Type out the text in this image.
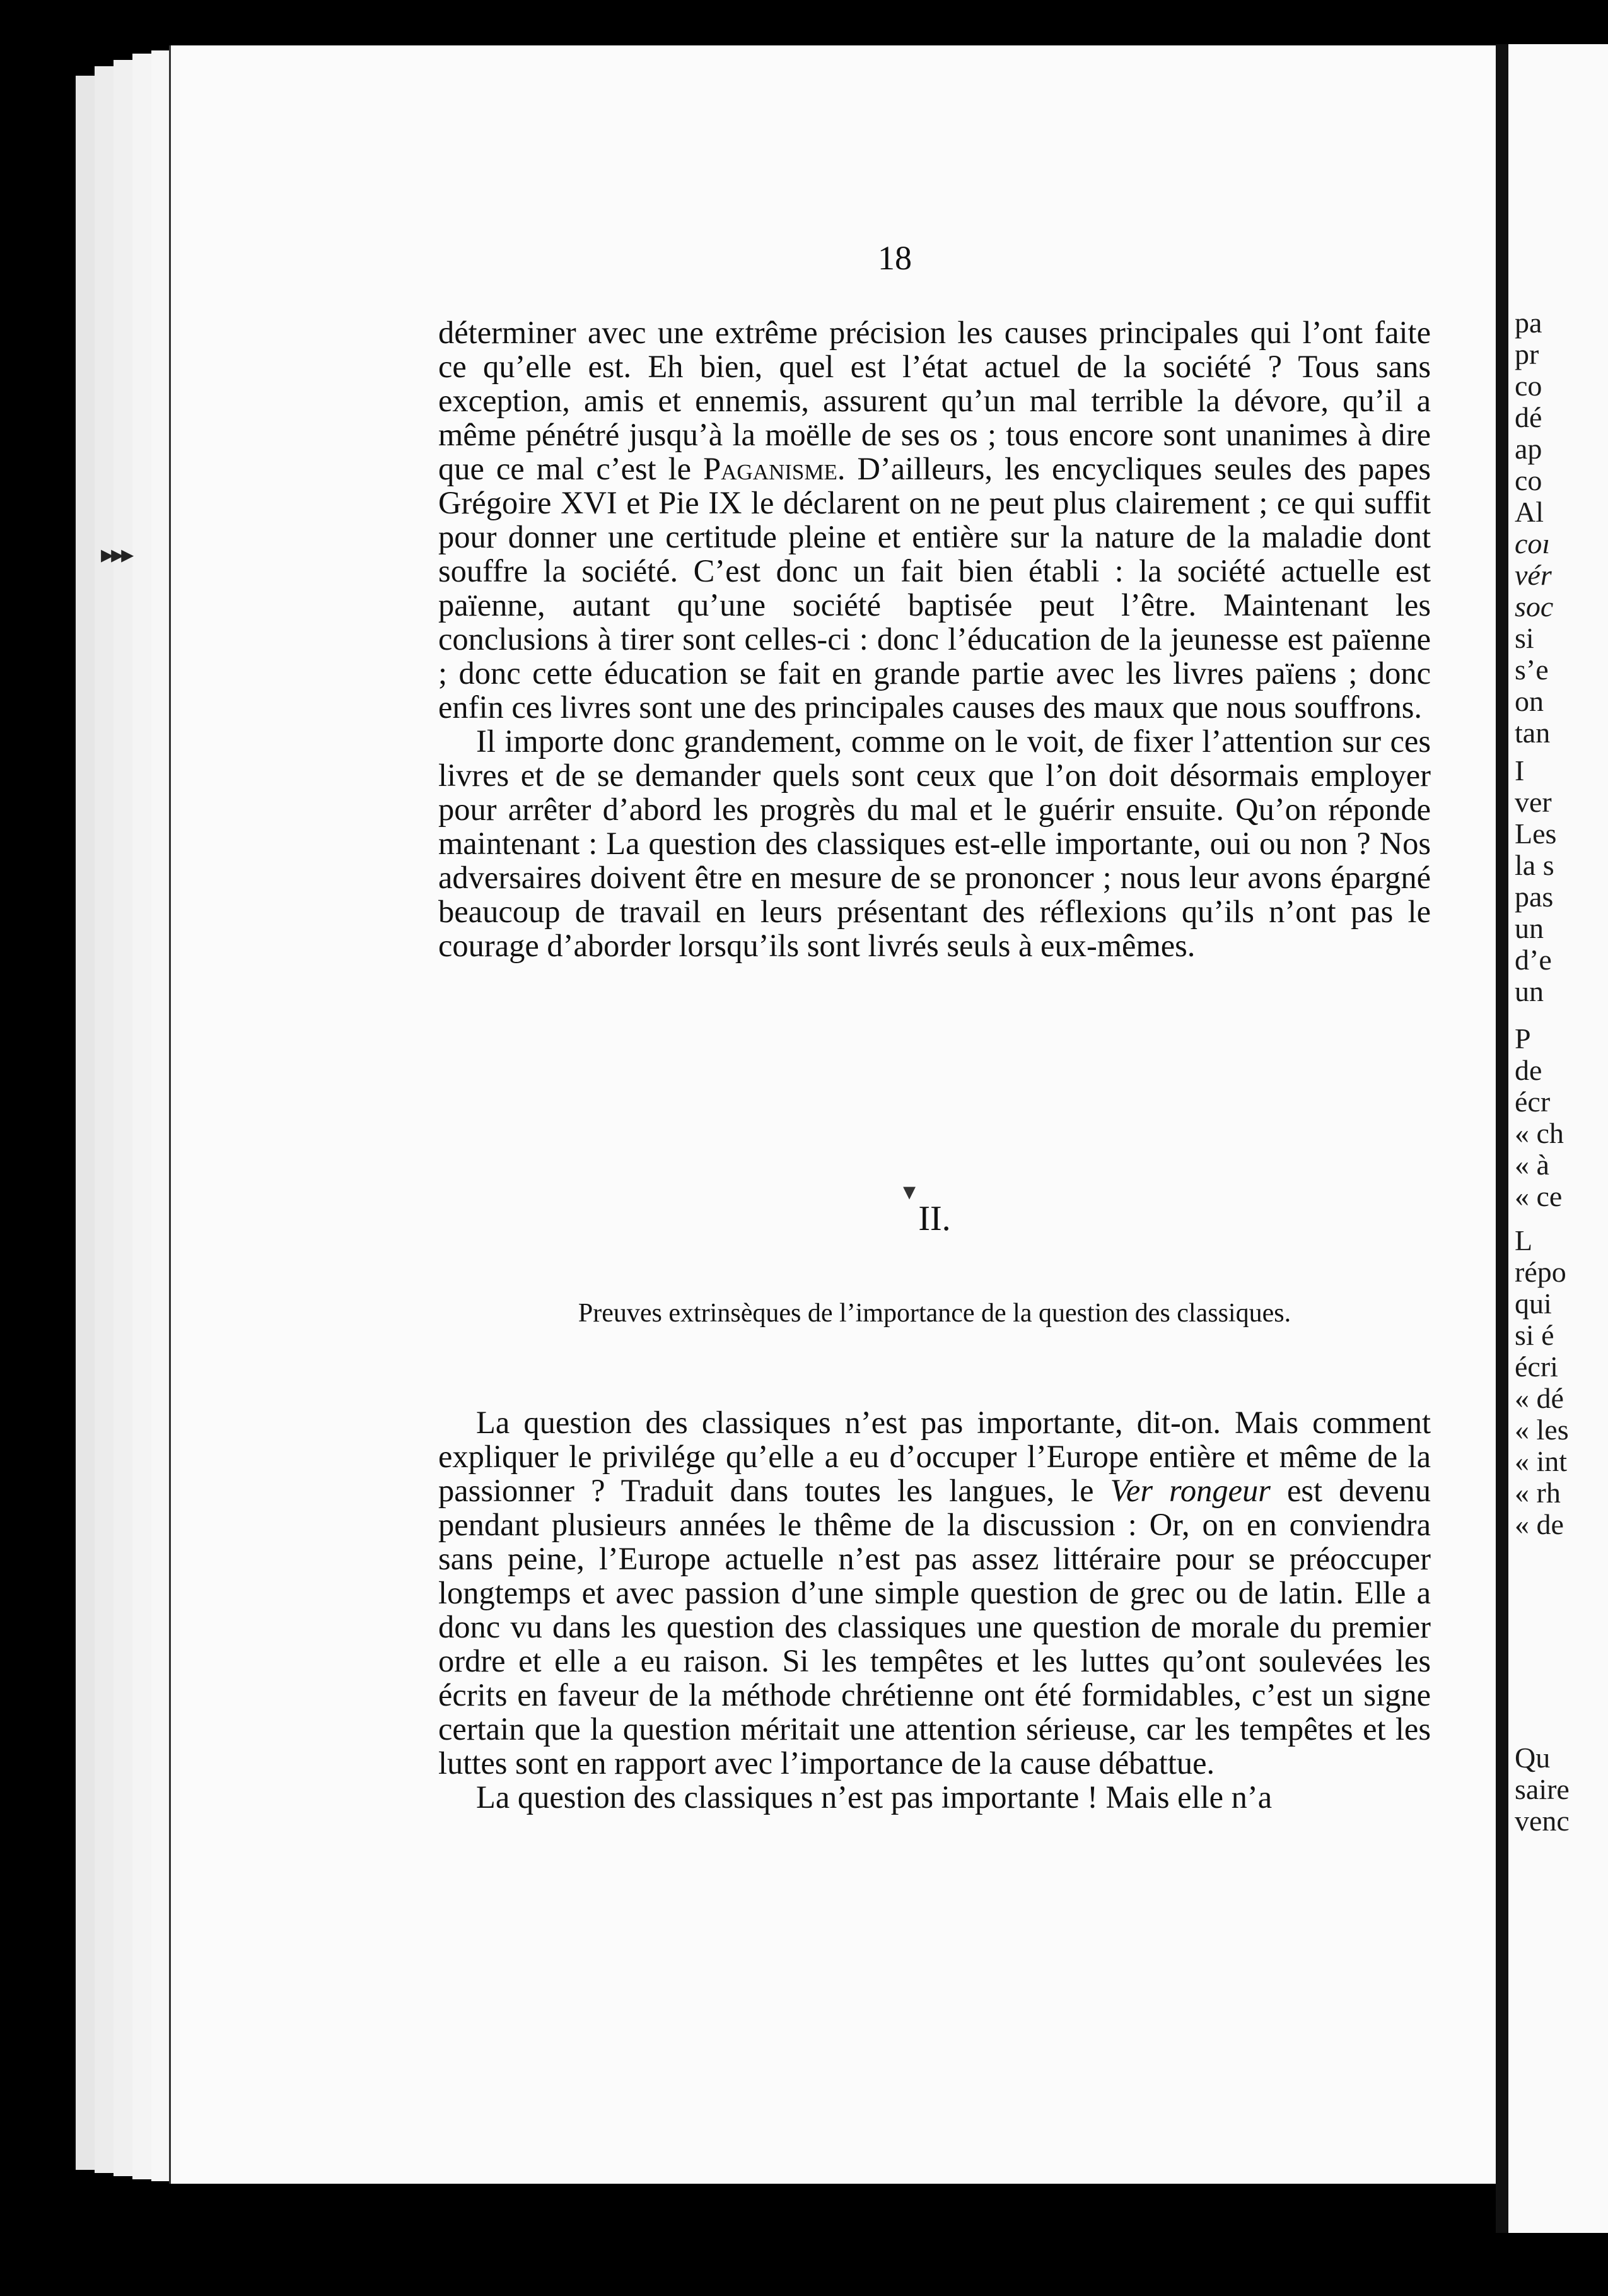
▸▸▸
18

déterminer avec une extrême précision les causes principales qui l’ont faite ce qu’elle est. Eh bien, quel est l’état actuel de la société ? Tous sans exception, amis et ennemis, assurent qu’un mal terrible la dévore, qu’il a même pénétré jusqu’à la moëlle de ses os ; tous encore sont unanimes à dire que ce mal c’est le Paganisme. D’ailleurs, les encycliques seules des papes Grégoire XVI et Pie IX le déclarent on ne peut plus clairement ; ce qui suffit pour donner une certitude pleine et entière sur la nature de la maladie dont souffre la société. C’est donc un fait bien établi : la société actuelle est païenne, autant qu’une société baptisée peut l’être. Maintenant les conclusions à tirer sont celles-ci : donc l’éducation de la jeunesse est païenne ; donc cette éducation se fait en grande partie avec les livres païens ; donc enfin ces livres sont une des principales causes des maux que nous souffrons.

Il importe donc grandement, comme on le voit, de fixer l’attention sur ces livres et de se demander quels sont ceux que l’on doit désormais employer pour arrêter d’abord les progrès du mal et le guérir ensuite. Qu’on réponde maintenant : La question des classiques est-elle importante, oui ou non ? Nos adversaires doivent être en mesure de se prononcer ; nous leur avons épargné beaucoup de travail en leurs présentant des réflexions qu’ils n’ont pas le courage d’aborder lorsqu’ils sont livrés seuls à eux-mêmes.

▾
II.
Preuves extrinsèques de l’importance de la question des classiques.

La question des classiques n’est pas importante, dit-on. Mais comment expliquer le privilége qu’elle a eu d’occuper l’Europe entière et même de la passionner ? Traduit dans toutes les langues, le Ver rongeur est devenu pendant plusieurs années le thême de la discussion : Or, on en conviendra sans peine, l’Europe actuelle n’est pas assez littéraire pour se préoccuper longtemps et avec passion d’une simple question de grec ou de latin. Elle a donc vu dans les question des classiques une question de morale du premier ordre et elle a eu raison. Si les tempêtes et les luttes qu’ont soulevées les écrits en faveur de la méthode chrétienne ont été formidables, c’est un signe certain que la question méritait une attention sérieuse, car les tempêtes et les luttes sont en rapport avec l’importance de la cause débattue.

La question des classiques n’est pas importante ! Mais elle n’a

pa
pr
co
dé
ap
co
Al
coı
vér
soc
si
s’e
on
tan
I
ver
Les
la s
pas
un
d’e
un
P
de
écr
« ch
« à
« ce
L
répo
qui
si é
écri
« dé
« les
« int
« rh
« de
Qu
saire
venc
